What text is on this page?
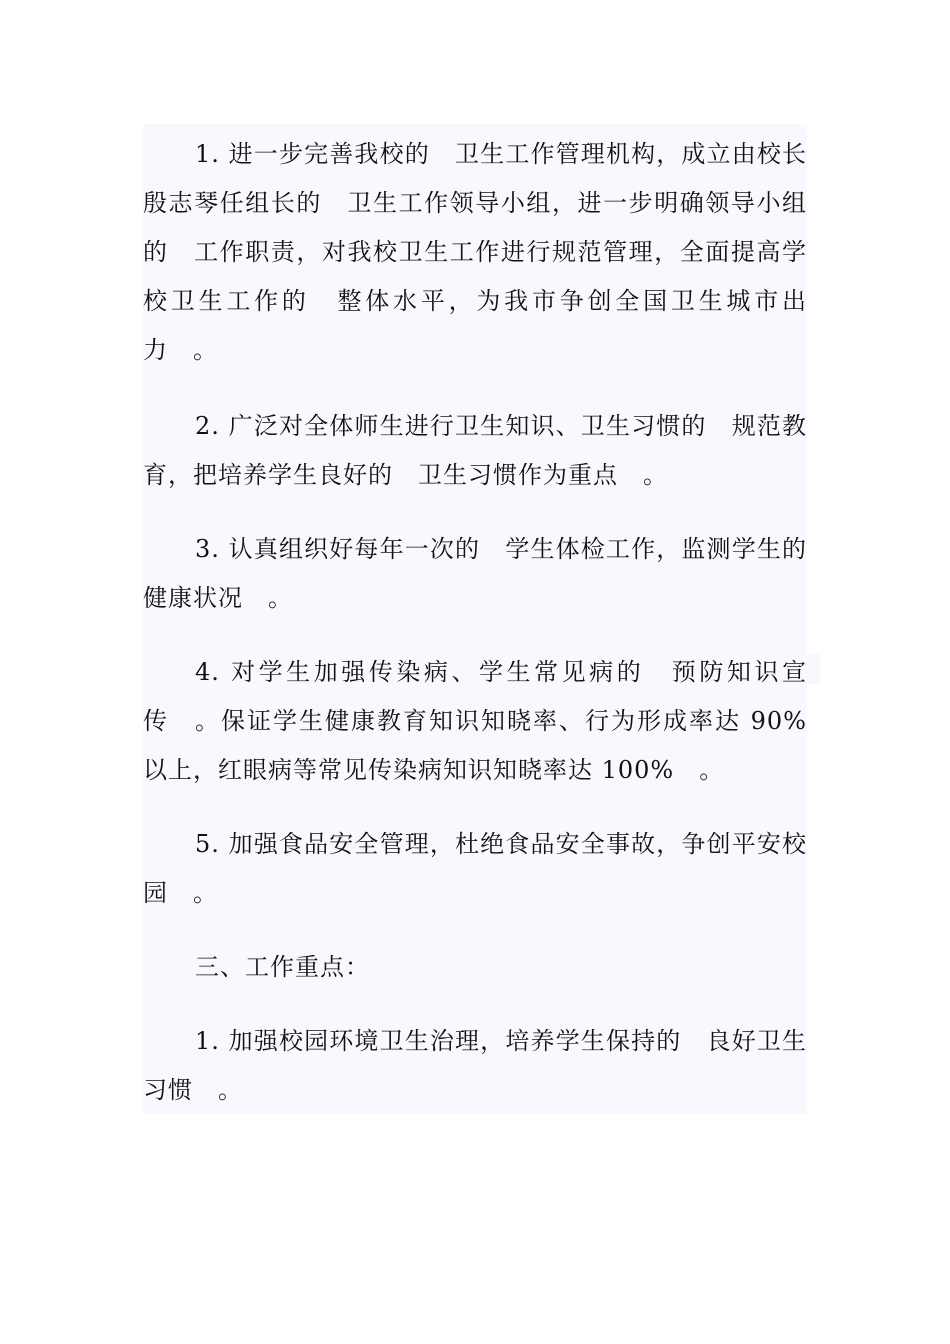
1. 进一步完善我校的　卫生工作管理机构，成立由校长殷志琴任组长的　卫生工作领导小组，进一步明确领导小组的　工作职责，对我校卫生工作进行规范管理，全面提高学校卫生工作的　整体水平，为我市争创全国卫生城市出力　。

2. 广泛对全体师生进行卫生知识、卫生习惯的　规范教育，把培养学生良好的　卫生习惯作为重点　。

3. 认真组织好每年一次的　学生体检工作，监测学生的　健康状况　。

4. 对学生加强传染病、学生常见病的　预防知识宣传　。保证学生健康教育知识知晓率、行为形成率达 90%以上，红眼病等常见传染病知识知晓率达 100%　。

5. 加强食品安全管理，杜绝食品安全事故，争创平安校园　。

三、工作重点：

1. 加强校园环境卫生治理，培养学生保持的　良好卫生习惯　。
